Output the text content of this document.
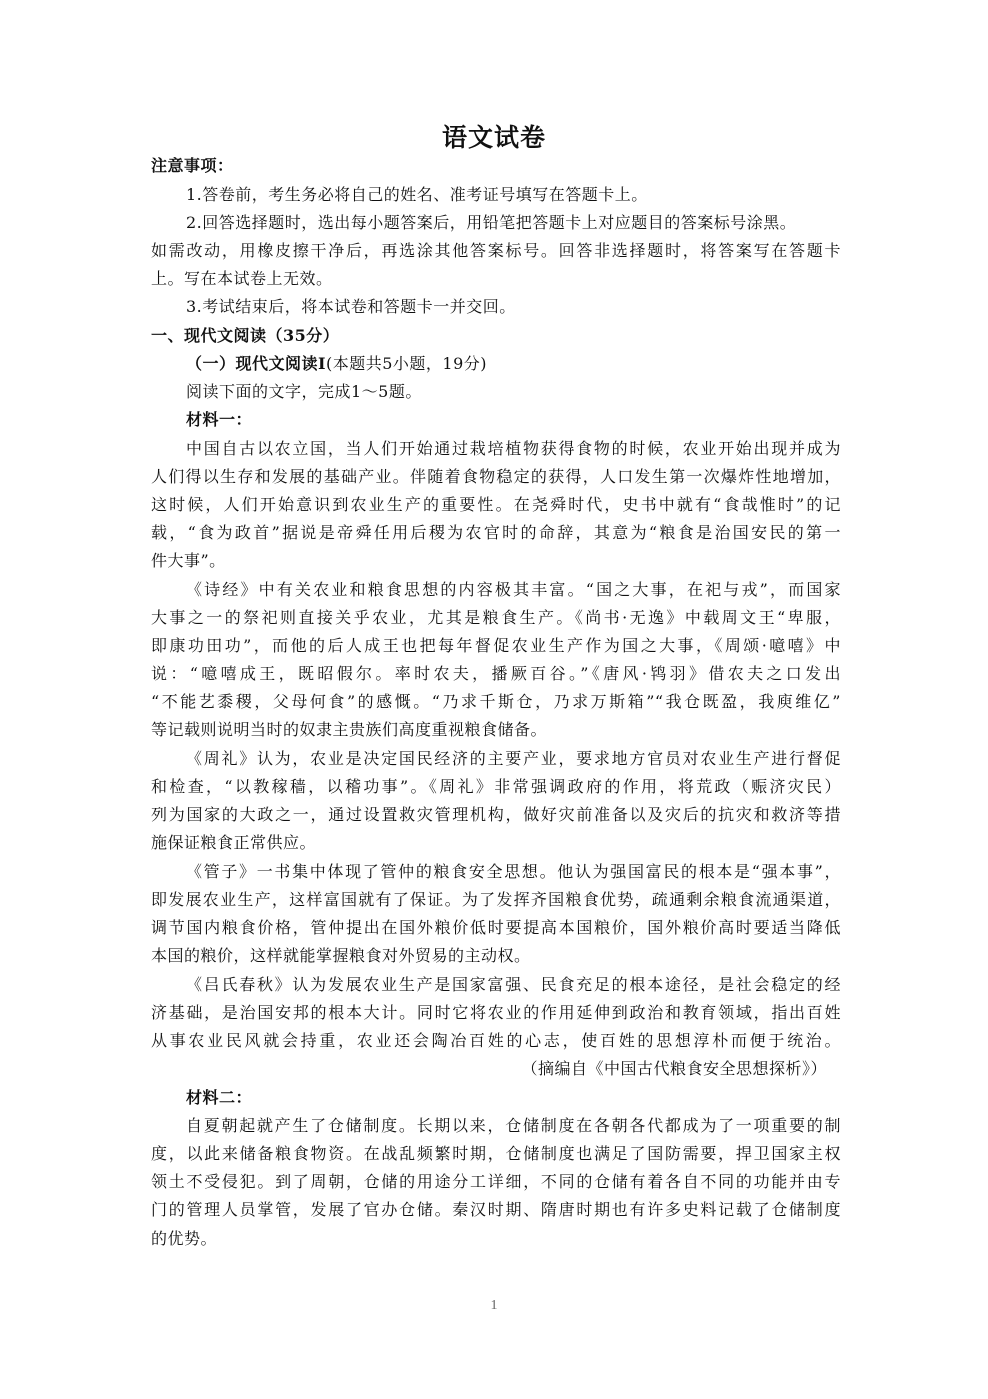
语文试卷
注意事项：
1.答卷前，考生务必将自己的姓名、准考证号填写在答题卡上。
2.回答选择题时，选出每小题答案后，用铅笔把答题卡上对应题目的答案标号涂黑。
如需改动，用橡皮擦干净后，再选涂其他答案标号。回答非选择题时，将答案写在答题卡
上。写在本试卷上无效。
3.考试结束后，将本试卷和答题卡一并交回。
一、现代文阅读（35分）
（一）现代文阅读Ⅰ(本题共5小题，19分)
阅读下面的文字，完成1～5题。
材料一：
中国自古以农立国，当人们开始通过栽培植物获得食物的时候，农业开始出现并成为
人们得以生存和发展的基础产业。伴随着食物稳定的获得，人口发生第一次爆炸性地增加，
这时候，人们开始意识到农业生产的重要性。在尧舜时代，史书中就有“食哉惟时”的记
载，“食为政首”据说是帝舜任用后稷为农官时的命辞，其意为“粮食是治国安民的第一
件大事”。
《诗经》中有关农业和粮食思想的内容极其丰富。“国之大事，在祀与戎”，而国家
大事之一的祭祀则直接关乎农业，尤其是粮食生产。《尚书·无逸》中载周文王“卑服，
即康功田功”，而他的后人成王也把每年督促农业生产作为国之大事，《周颂·噫嘻》中
说：“噫嘻成王，既昭假尔。率时农夫，播厥百谷。”《唐风·鸨羽》借农夫之口发出
“不能艺黍稷，父母何食”的感慨。“乃求千斯仓，乃求万斯箱”“我仓既盈，我庾维亿”
等记载则说明当时的奴隶主贵族们高度重视粮食储备。
《周礼》认为，农业是决定国民经济的主要产业，要求地方官员对农业生产进行督促
和检查，“以教稼穑，以稽功事”。《周礼》非常强调政府的作用，将荒政（赈济灾民）
列为国家的大政之一，通过设置救灾管理机构，做好灾前准备以及灾后的抗灾和救济等措
施保证粮食正常供应。
《管子》一书集中体现了管仲的粮食安全思想。他认为强国富民的根本是“强本事”，
即发展农业生产，这样富国就有了保证。为了发挥齐国粮食优势，疏通剩余粮食流通渠道，
调节国内粮食价格，管仲提出在国外粮价低时要提高本国粮价，国外粮价高时要适当降低
本国的粮价，这样就能掌握粮食对外贸易的主动权。
《吕氏春秋》认为发展农业生产是国家富强、民食充足的根本途径，是社会稳定的经
济基础，是治国安邦的根本大计。同时它将农业的作用延伸到政治和教育领域，指出百姓
从事农业民风就会持重，农业还会陶冶百姓的心志，使百姓的思想淳朴而便于统治。
（摘编自《中国古代粮食安全思想探析》）
材料二：
自夏朝起就产生了仓储制度。长期以来，仓储制度在各朝各代都成为了一项重要的制
度，以此来储备粮食物资。在战乱频繁时期，仓储制度也满足了国防需要，捍卫国家主权
领土不受侵犯。到了周朝，仓储的用途分工详细，不同的仓储有着各自不同的功能并由专
门的管理人员掌管，发展了官办仓储。秦汉时期、隋唐时期也有许多史料记载了仓储制度
的优势。
1
